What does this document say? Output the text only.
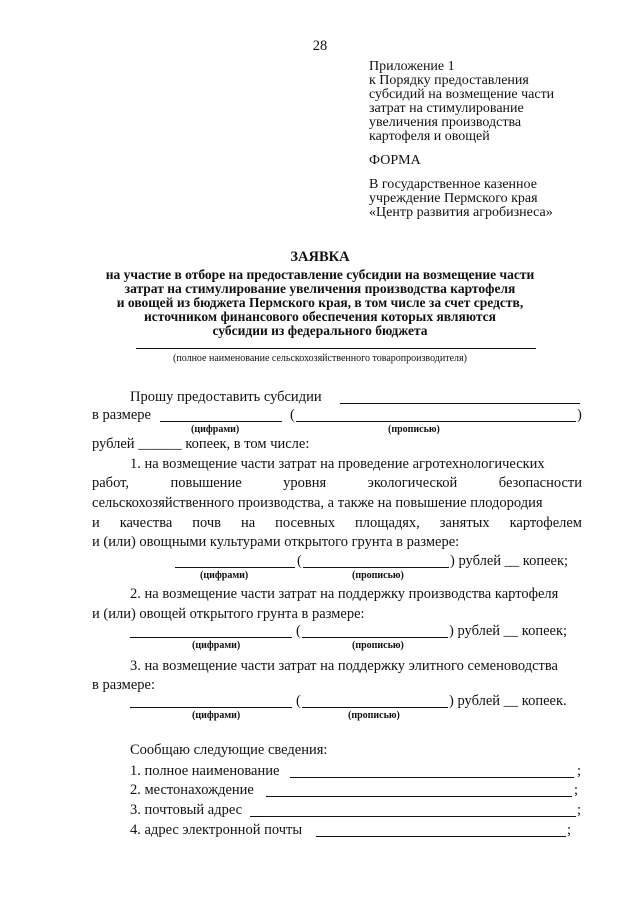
28
Приложение 1
к Порядку предоставления
субсидий на возмещение части
затрат на стимулирование
увеличения производства
картофеля и овощей
ФОРМА
В государственное казенное
учреждение Пермского края
«Центр развития агробизнеса»
ЗАЯВКА
на участие в отборе на предоставление субсидии на возмещение части
затрат на стимулирование увеличения производства картофеля
и овощей из бюджета Пермского края, в том числе за счет средств,
источником финансового обеспечения которых являются
субсидии из федерального бюджета
(полное наименование сельскохозяйственного товаропроизводителя)
Прошу предоставить субсидии
в размере	(	)
(цифрами)	(прописью)
рублей ______ копеек, в том числе:
1. на возмещение части затрат на проведение агротехнологических
работ,	повышение	уровня	экологической	безопасности
сельскохозяйственного производства, а также на повышение плодородия
и качества почв на посевных площадях, занятых картофелем
и (или) овощными культурами открытого грунта в размере:
(	) рублей __ копеек;
(цифрами)	(прописью)
2. на возмещение части затрат на поддержку производства картофеля
и (или) овощей открытого грунта в размере:
(	) рублей __ копеек;
(цифрами)	(прописью)
3. на возмещение части затрат на поддержку элитного семеноводства
в размере:
(	) рублей __ копеек.
(цифрами)	(прописью)
Сообщаю следующие сведения:
1. полное наименование	;
2. местонахождение	;
3. почтовый адрес	;
4. адрес электронной почты	;
